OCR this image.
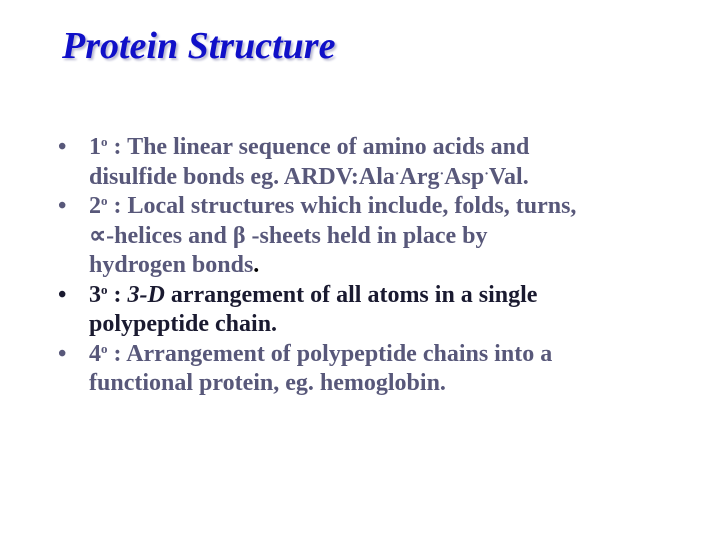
Protein Structure
•
1$^o$ : The linear sequence of amino acids and
disulfide bonds eg. ARDV:Ala·Arg·Asp·Val.
•
2$^o$ : Local structures which include, folds, turns,
∝-helices and β -sheets held in place by
hydrogen bonds.
•
3$^o$ : 3-D arrangement of all atoms in a single
polypeptide chain.
•
4$^o$ : Arrangement of polypeptide chains into a
functional protein, eg. hemoglobin.
